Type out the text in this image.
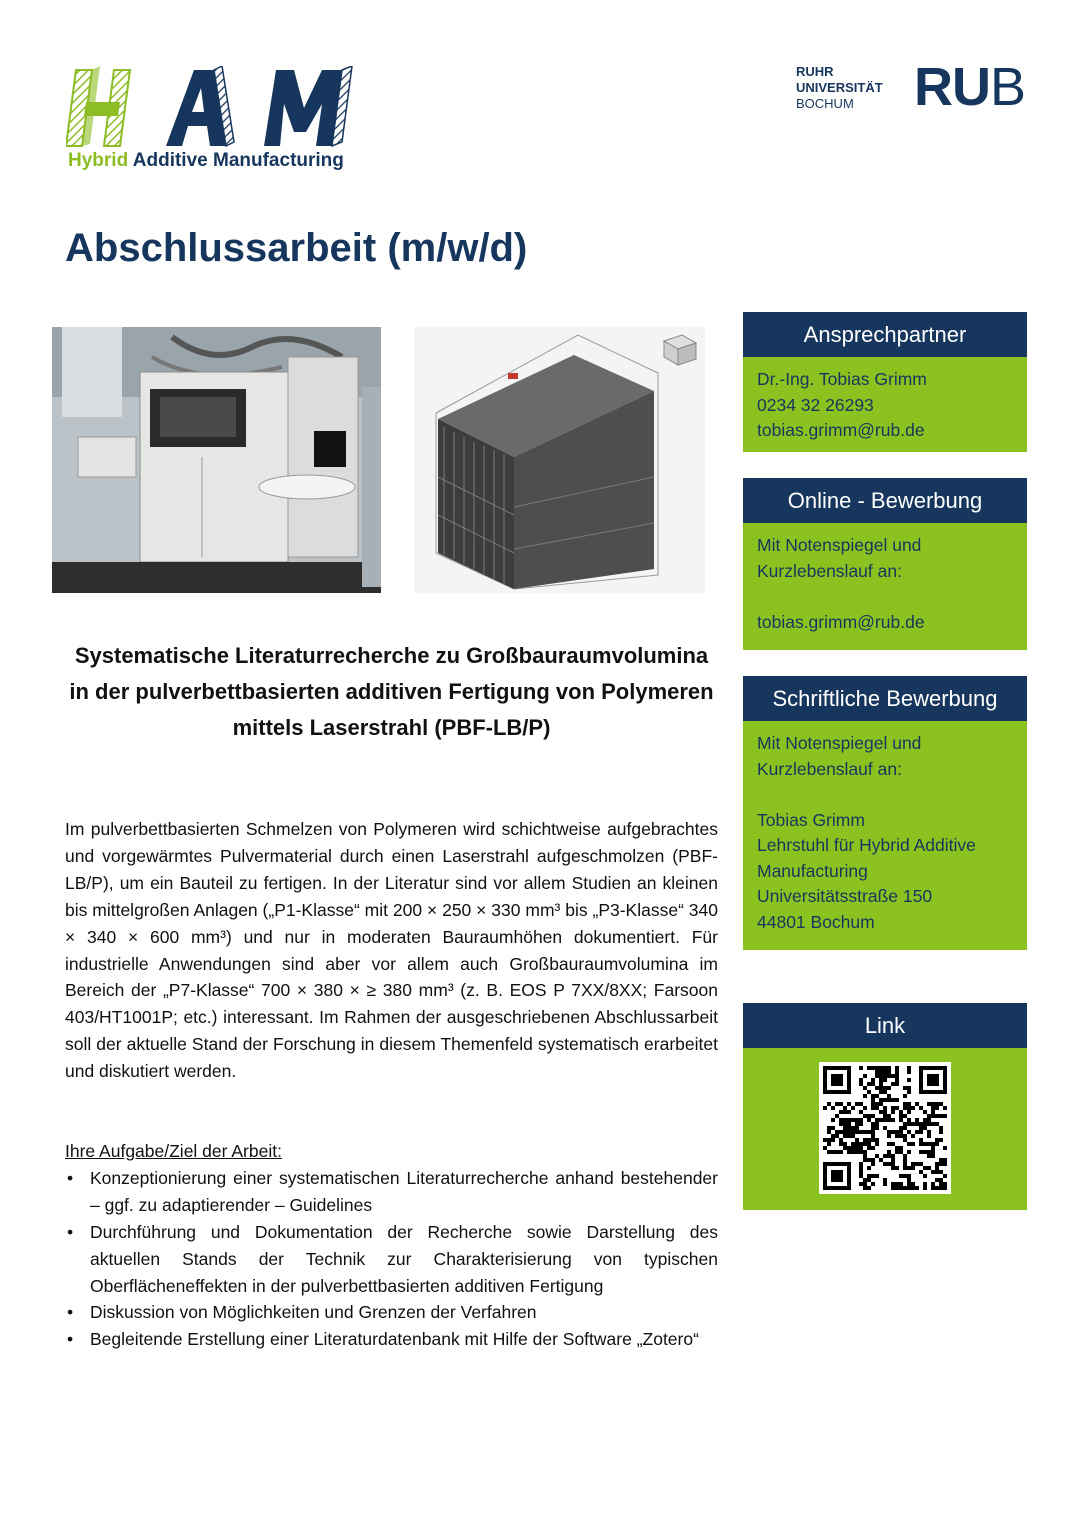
Hybrid Additive Manufacturing
RUHR
UNIVERSITÄT
BOCHUM	RUB
Abschlussarbeit (m/w/d)
Systematische Literaturrecherche zu Großbauraumvolumina in der pulverbettbasierten additiven Fertigung von Polymeren mittels Laserstrahl (PBF-LB/P)

Im pulverbettbasierten Schmelzen von Polymeren wird schichtweise aufgebrachtes und vorgewärmtes Pulvermaterial durch einen Laserstrahl aufgeschmolzen (PBF-LB/P), um ein Bauteil zu fertigen. In der Literatur sind vor allem Studien an kleinen bis mittelgroßen Anlagen („P1-Klasse“ mit 200 × 250 × 330 mm³ bis „P3-Klasse“ 340 × 340 × 600 mm³) und nur in moderaten Bauraumhöhen dokumentiert. Für industrielle Anwendungen sind aber vor allem auch Großbauraumvolumina im Bereich der „P7-Klasse“ 700 × 380 × ≥ 380 mm³ (z. B. EOS P 7XX/8XX; Farsoon 403/HT1001P; etc.) interessant. Im Rahmen der ausgeschriebenen Abschlussarbeit soll der aktuelle Stand der Forschung in diesem Themenfeld systematisch erarbeitet und diskutiert werden.

Ihre Aufgabe/Ziel der Arbeit:
• Konzeptionierung einer systematischen Literaturrecherche anhand bestehender – ggf. zu adaptierender – Guidelines
• Durchführung und Dokumentation der Recherche sowie Darstellung des aktuellen Stands der Technik zur Charakterisierung von typischen Oberflächeneffekten in der pulverbettbasierten additiven Fertigung
• Diskussion von Möglichkeiten und Grenzen der Verfahren
• Begleitende Erstellung einer Literaturdatenbank mit Hilfe der Software „Zotero“
Ansprechpartner
Dr.-Ing. Tobias Grimm
0234 32 26293
tobias.grimm@rub.de
Online - Bewerbung
Mit Notenspiegel und
Kurzlebenslauf an:
tobias.grimm@rub.de
Schriftliche Bewerbung
Mit Notenspiegel und
Kurzlebenslauf an:
Tobias Grimm
Lehrstuhl für Hybrid Additive
Manufacturing
Universitätsstraße 150
44801 Bochum
Link
